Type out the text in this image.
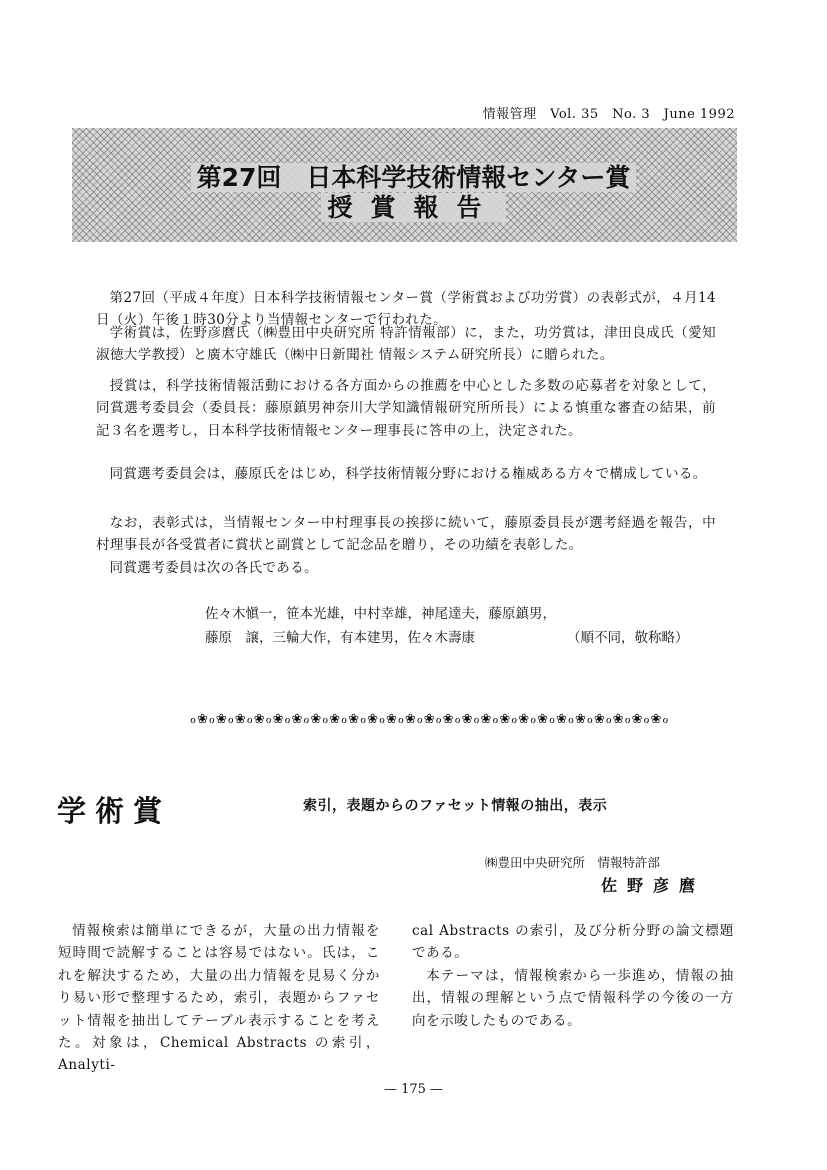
情報管理　Vol. 35　No. 3　June 1992
第27回　日本科学技術情報センター賞
授賞報告

第27回（平成４年度）日本科学技術情報センター賞（学術賞および功労賞）の表彰式が，４月14日（火）午後１時30分より当情報センターで行われた。

学術賞は，佐野彦麿氏（㈱豊田中央研究所 特許情報部）に，また，功労賞は，津田良成氏（愛知淑徳大学教授）と廣木守雄氏（㈱中日新聞社 情報システム研究所長）に贈られた。

授賞は，科学技術情報活動における各方面からの推薦を中心とした多数の応募者を対象として，同賞選考委員会（委員長：藤原鎮男神奈川大学知識情報研究所所長）による慎重な審査の結果，前記３名を選考し，日本科学技術情報センター理事長に答申の上，決定された。

同賞選考委員会は，藤原氏をはじめ，科学技術情報分野における権威ある方々で構成している。

なお，表彰式は，当情報センター中村理事長の挨拶に続いて，藤原委員長が選考経過を報告，中村理事長が各受賞者に賞状と副賞として記念品を贈り，その功績を表彰した。

同賞選考委員は次の各氏である。

佐々木愼一，笹本光雄，中村幸雄，神尾達夫，藤原鎮男，
藤原　譲，三輪大作，有本建男，佐々木壽康	（順不同，敬称略）
ℴ❀ℴ❀ℴ❀ℴ❀ℴ❀ℴ❀ℴ❀ℴ❀ℴ❀ℴ❀ℴ❀ℴ❀ℴ❀ℴ❀ℴ❀ℴ❀ℴ❀ℴ❀ℴ❀ℴ❀ℴ❀ℴ❀ℴ❀ℴ❀ℴ❀ℴ
学術賞	索引，表題からのファセット情報の抽出，表示
㈱豊田中央研究所　情報特許部
佐野彦麿

情報検索は簡単にできるが，大量の出力情報を短時間で読解することは容易ではない。氏は，これを解決するため，大量の出力情報を見易く分かり易い形で整理するため，索引，表題からファセット情報を抽出してテーブル表示することを考えた。対象は，Chemical Abstracts の索引，Analyti-

cal Abstracts の索引，及び分析分野の論文標題である。

本テーマは，情報検索から一歩進め，情報の抽出，情報の理解という点で情報科学の今後の一方向を示唆したものである。

— 175 —
